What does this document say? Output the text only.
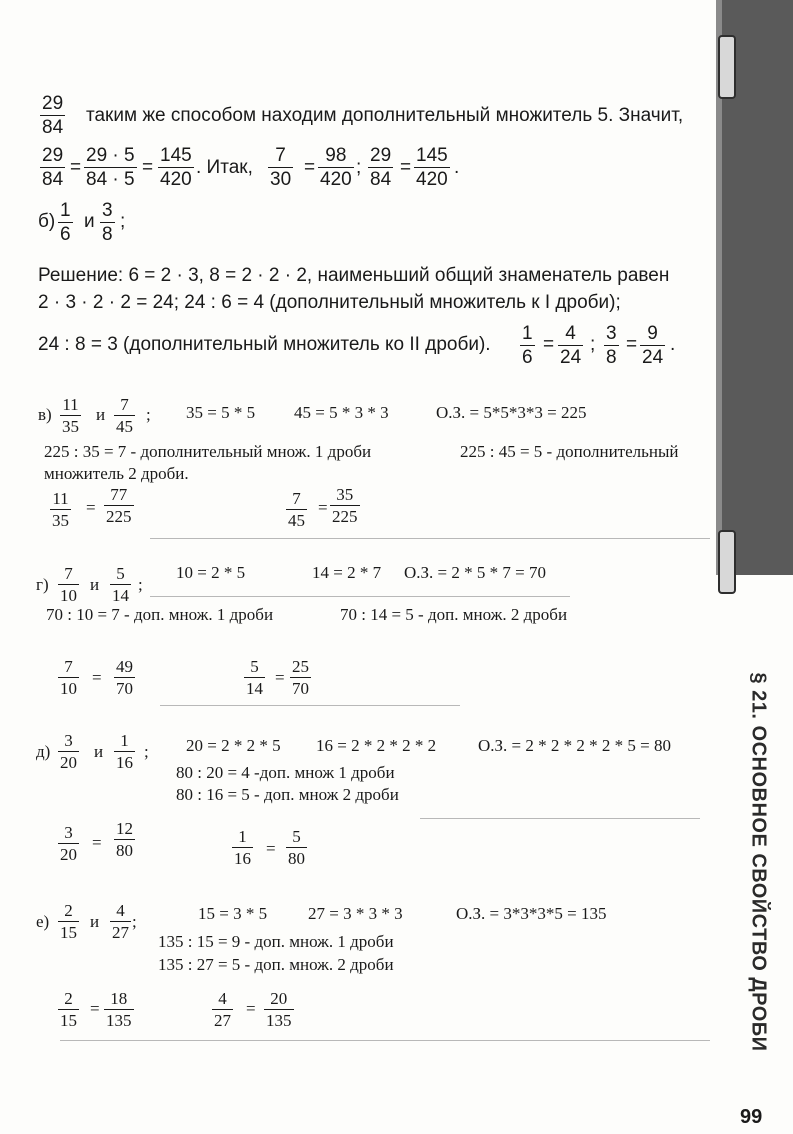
§ 21. ОСНОВНОЕ СВОЙСТВО ДРОБИ
99
29
84
таким же способом находим дополнительный множитель 5. Значит,
29
84
=
29 · 5
84 · 5
=
145
420
. Итак,
7
30
=
98
420
;
29
84
=
145
420
.
б)
1
6
и
3
8
;
Решение: 6 = 2 · 3, 8 = 2 · 2 · 2, наименьший общий знаменатель равен
2 · 3 · 2 · 2 = 24; 24 : 6 = 4 (дополнительный множитель к I дроби);
24 : 8 = 3 (дополнительный множитель ко II дроби).
1
6
=
4
24
;
3
8
=
9
24
.
в)
11
35
и
7
45
; 35 = 5 * 5 45 = 5 * 3 * 3	О.З. = 5*5*3*3 = 225
225 : 35 = 7 - дополнительный множ. 1 дроби	225 : 45 = 5 - дополнительный
множитель 2 дроби.
11
35
=
77
225
7
45
=
35
225
г)
7
10
и
5
14
;
10 = 2 * 5	14 = 2 * 7 О.З. = 2 * 5 * 7 = 70
70 : 10 = 7 - доп. множ. 1 дроби	70 : 14 = 5 - доп. множ. 2 дроби
7
10
=
49
70
5
14
=
25
70
д)
3
20
и
1
16
; 20 = 2 * 2 * 5 16 = 2 * 2 * 2 * 2 О.З. = 2 * 2 * 2 * 2 * 5 = 80
80 : 20 = 4 -доп. множ 1 дроби
80 : 16 = 5 - доп. множ 2 дроби
3
20
=
12
80
1
16
=
5
80
е)
2
15
и
4
27
;	15 = 3 * 5 27 = 3 * 3 * 3	О.З. = 3*3*3*5 = 135
135 : 15 = 9 - доп. множ. 1 дроби
135 : 27 = 5 - доп. множ. 2 дроби
2
15
=
18
135
4
27
=
20
135
